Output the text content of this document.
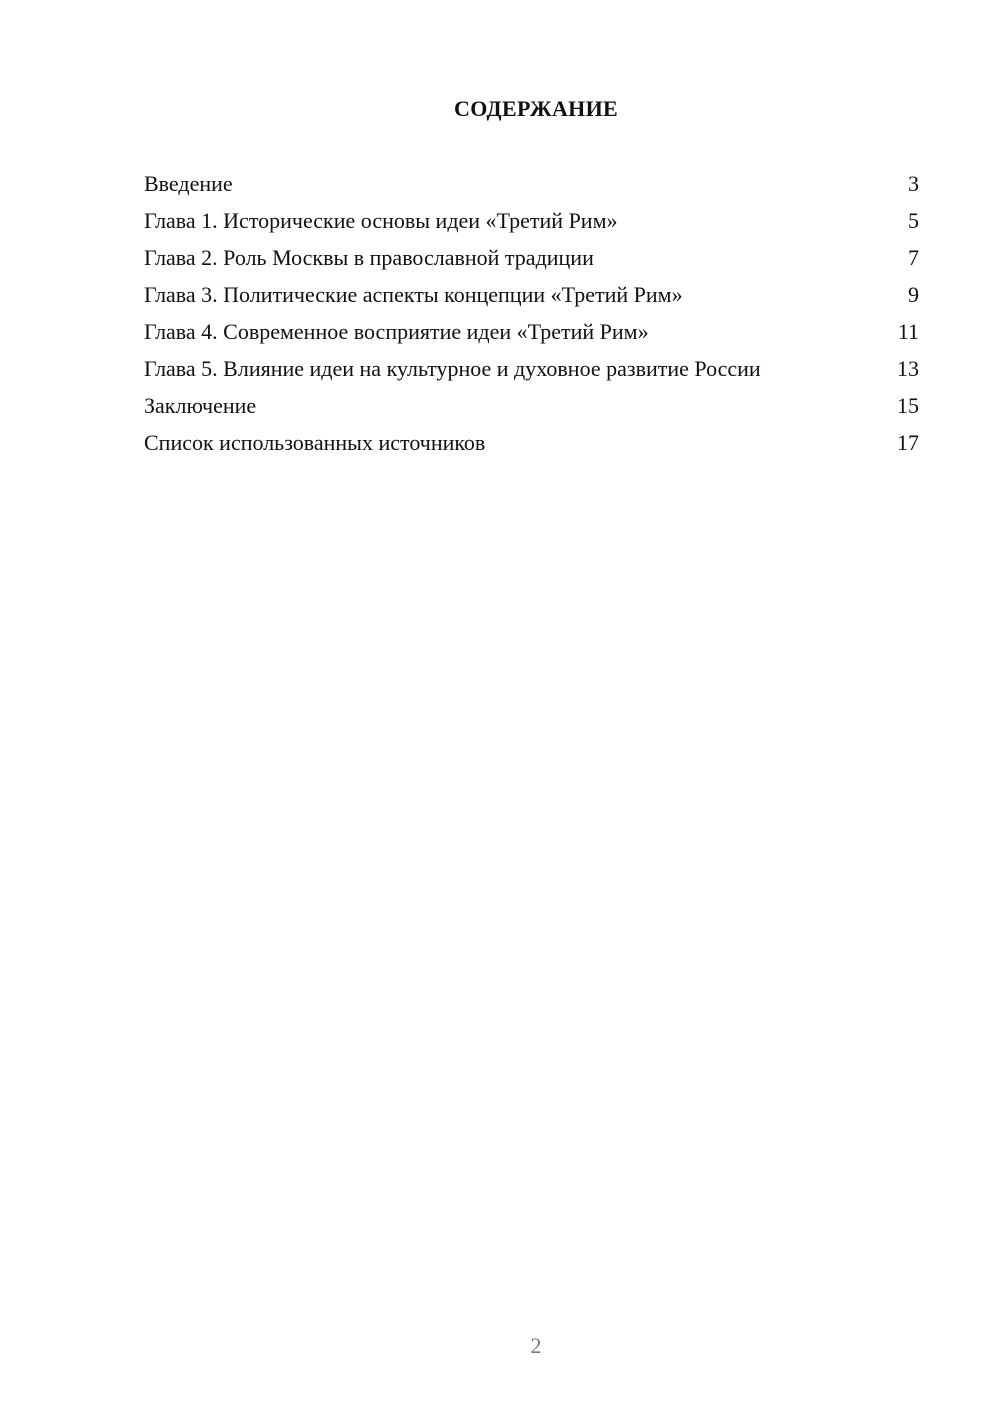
СОДЕРЖАНИЕ
Введение	3
Глава 1. Исторические основы идеи «Третий Рим»	5
Глава 2. Роль Москвы в православной традиции	7
Глава 3. Политические аспекты концепции «Третий Рим»	9
Глава 4. Современное восприятие идеи «Третий Рим»	11
Глава 5. Влияние идеи на культурное и духовное развитие России	13
Заключение	15
Список использованных источников	17
2
